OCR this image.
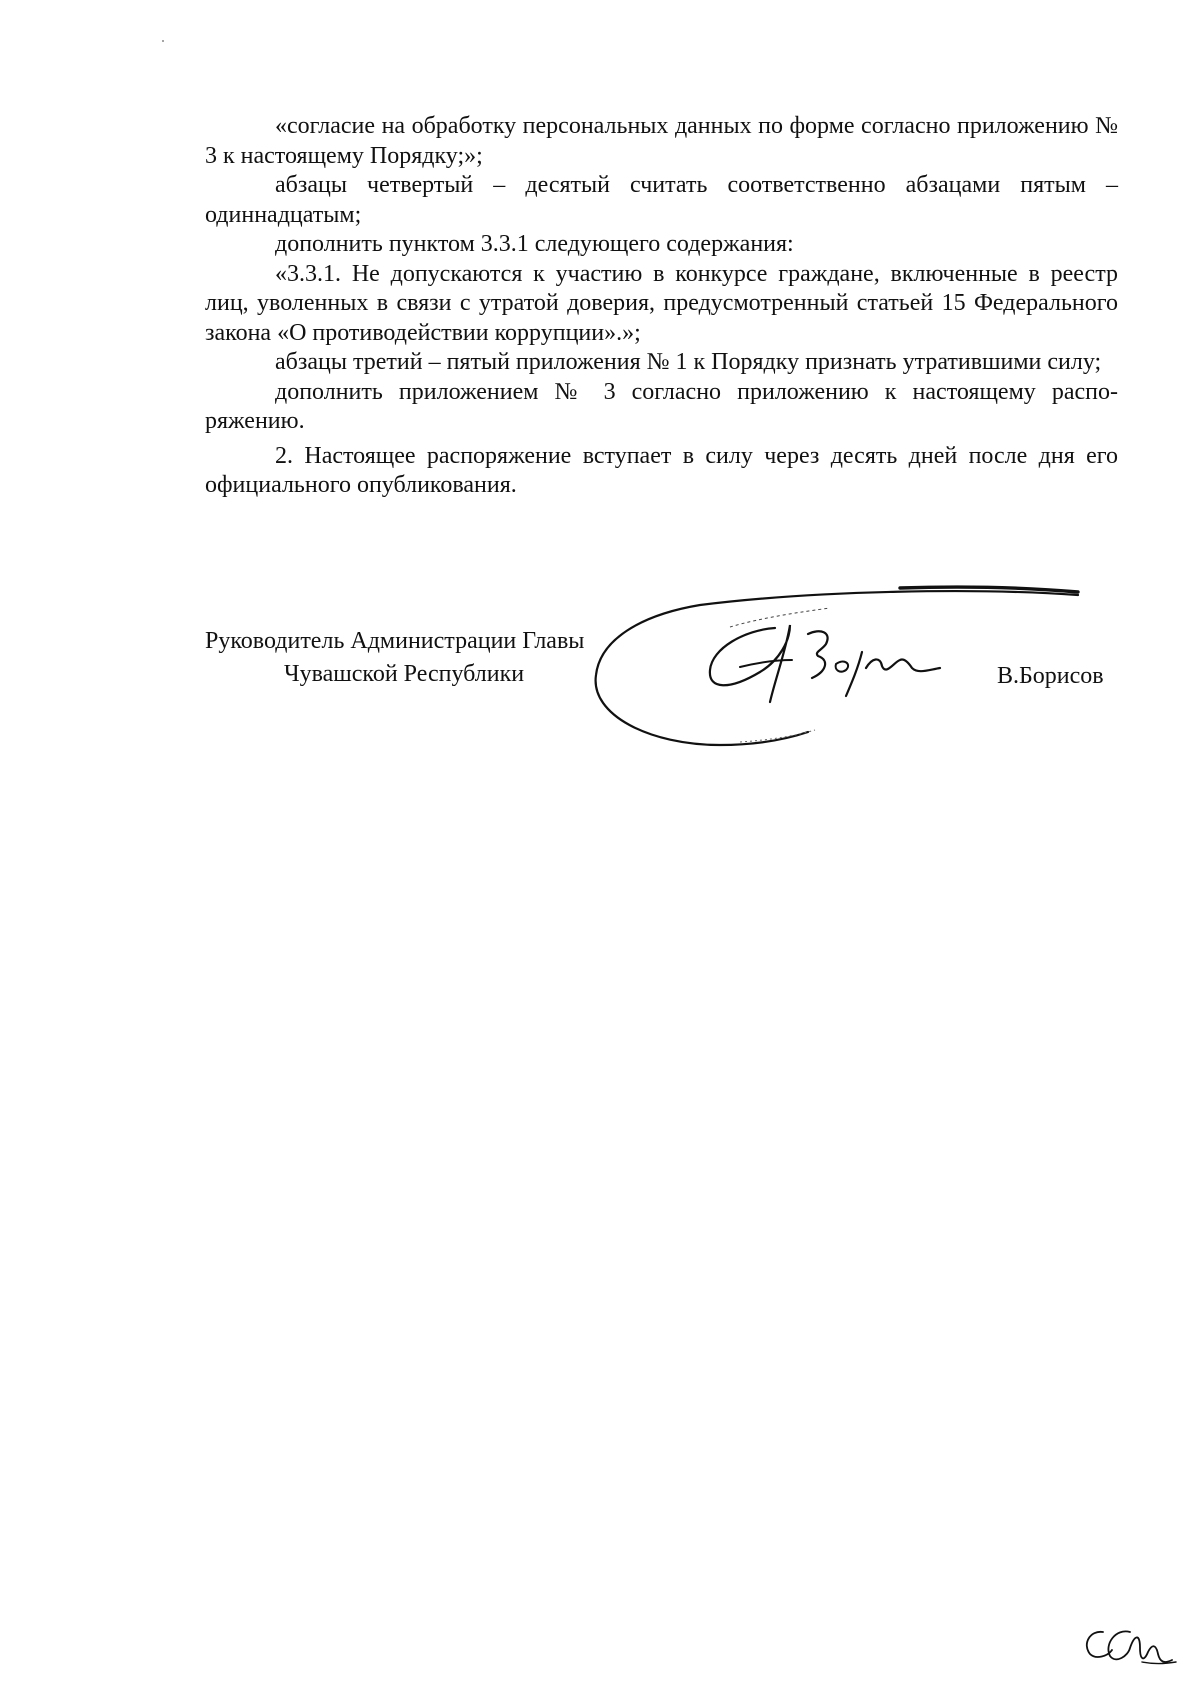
«согласие на обработку персональных данных по форме согласно приложению № 3 к настоящему Порядку;»;

абзацы четвертый – десятый считать соответственно абзацами пятым – одиннадцатым;

дополнить пунктом 3.3.1 следующего содержания:

«3.3.1. Не допускаются к участию в конкурсе граждане, включенные в реестр лиц, уволенных в связи с утратой доверия, предусмотренный статьей 15 Федерального закона «О противодействии коррупции».»;

абзацы третий – пятый приложения № 1 к Порядку признать утратившими силу;

дополнить приложением № 3 согласно приложению к настоящему распоряжению.

2. Настоящее распоряжение вступает в силу через десять дней после дня его официального опубликования.

Руководитель Администрации Главы
Чувашской Республики	В.Борисов
